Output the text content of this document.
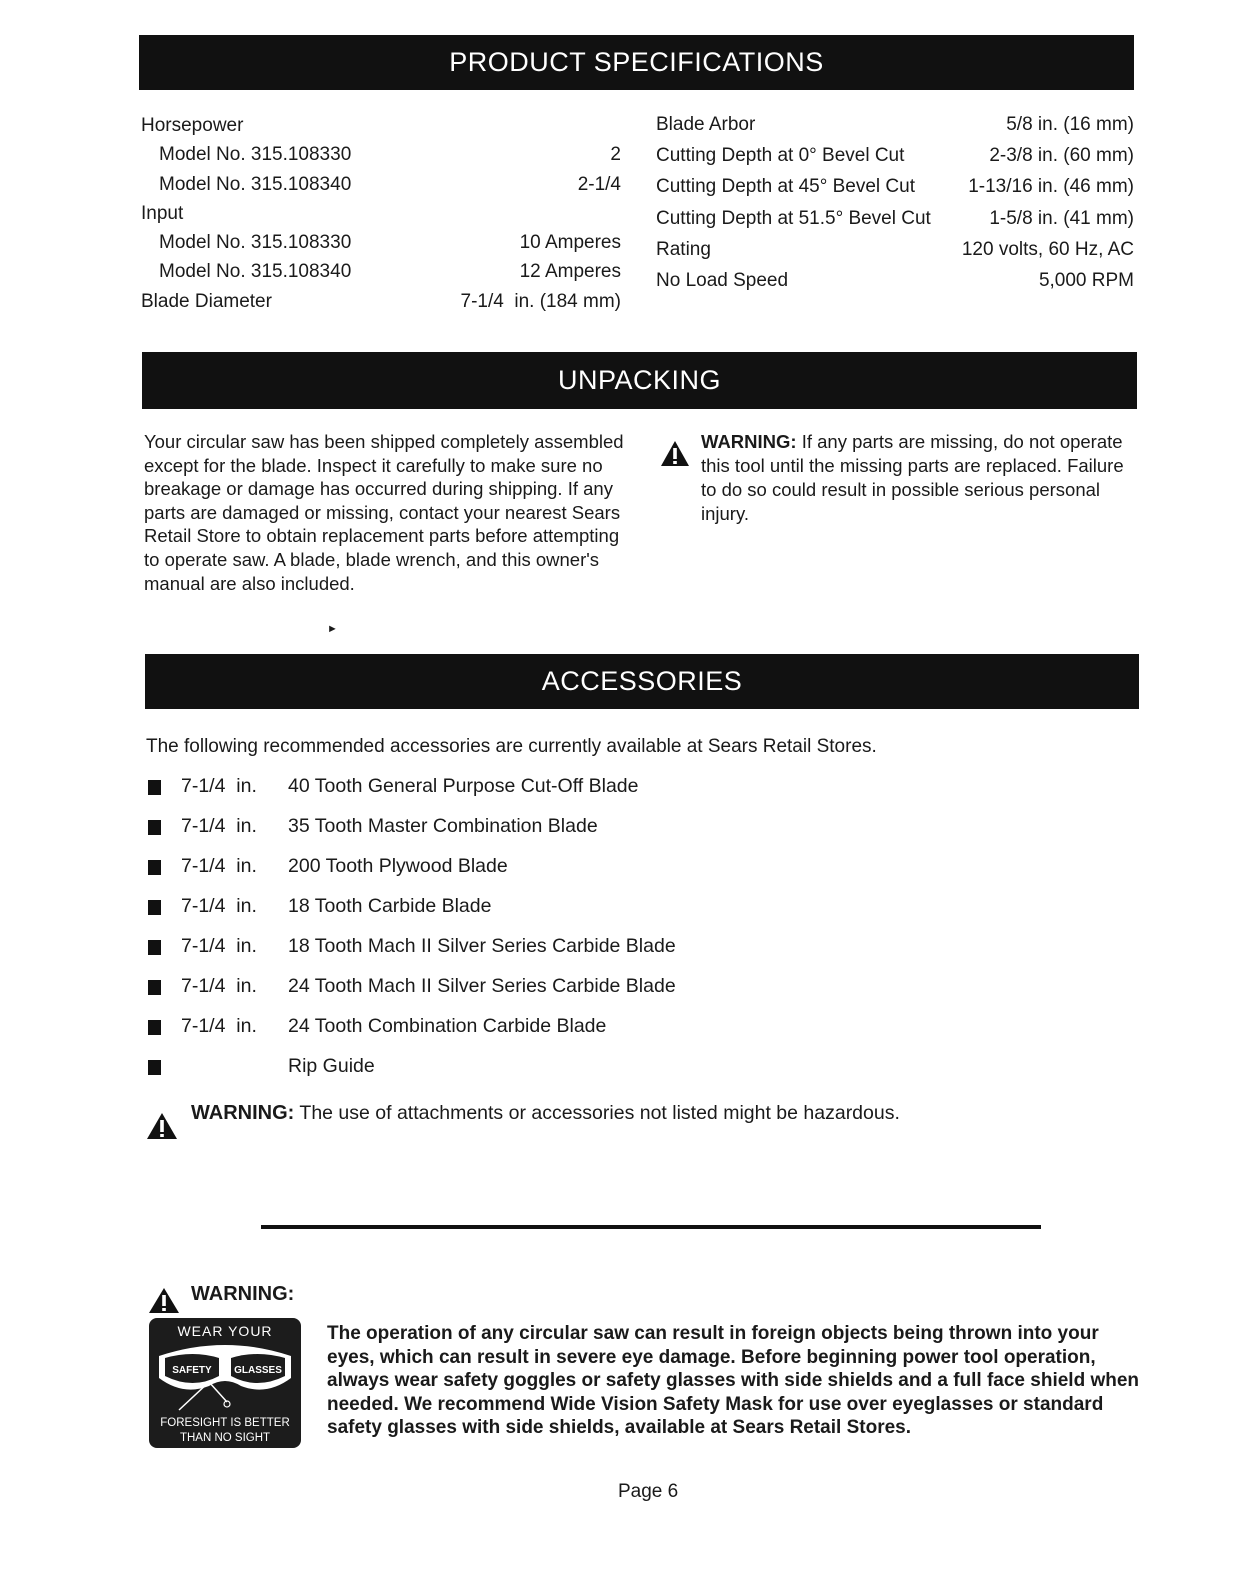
PRODUCT SPECIFICATIONS
Horsepower
Model No. 315.108330	2
Model No. 315.108340	2-1/4
Input
Model No. 315.108330	10 Amperes
Model No. 315.108340	12 Amperes
Blade Diameter	7-1/4  in. (184 mm)
Blade Arbor	5/8 in. (16 mm)
Cutting Depth at 0° Bevel Cut	2-3/8 in. (60 mm)
Cutting Depth at 45° Bevel Cut	1-13/16 in. (46 mm)
Cutting Depth at 51.5° Bevel Cut	1-5/8 in. (41 mm)
Rating	120 volts, 60 Hz, AC
No Load Speed	5,000 RPM
UNPACKING
Your circular saw has been shipped completely assembled except for the blade. Inspect it carefully to make sure no breakage or damage has occurred during shipping. If any parts are damaged or missing, contact your nearest Sears Retail Store to obtain replacement parts before attempting to operate saw. A blade, blade wrench, and this owner's manual are also included.
WARNING: If any parts are missing, do not operate this tool until the missing parts are replaced. Failure to do so could result in possible serious personal injury.
►
ACCESSORIES
The following recommended accessories are currently available at Sears Retail Stores.
7-1/4  in. 40 Tooth General Purpose Cut-Off Blade
7-1/4  in. 35 Tooth Master Combination Blade
7-1/4  in. 200 Tooth Plywood Blade
7-1/4  in. 18 Tooth Carbide Blade
7-1/4  in. 18 Tooth Mach II Silver Series Carbide Blade
7-1/4  in. 24 Tooth Mach II Silver Series Carbide Blade
7-1/4  in. 24 Tooth Combination Carbide Blade
Rip Guide
WARNING: The use of attachments or accessories not listed might be hazardous.
WARNING:
WEAR YOUR
SAFETY GLASSES
FORESIGHT IS BETTER
THAN NO SIGHT
The operation of any circular saw can result in foreign objects being thrown into your eyes, which can result in severe eye damage. Before beginning power tool operation, always wear safety goggles or safety glasses with side shields and a full face shield when needed. We recommend Wide Vision Safety Mask for use over eyeglasses or standard safety glasses with side shields, available at Sears Retail Stores.
Page 6
